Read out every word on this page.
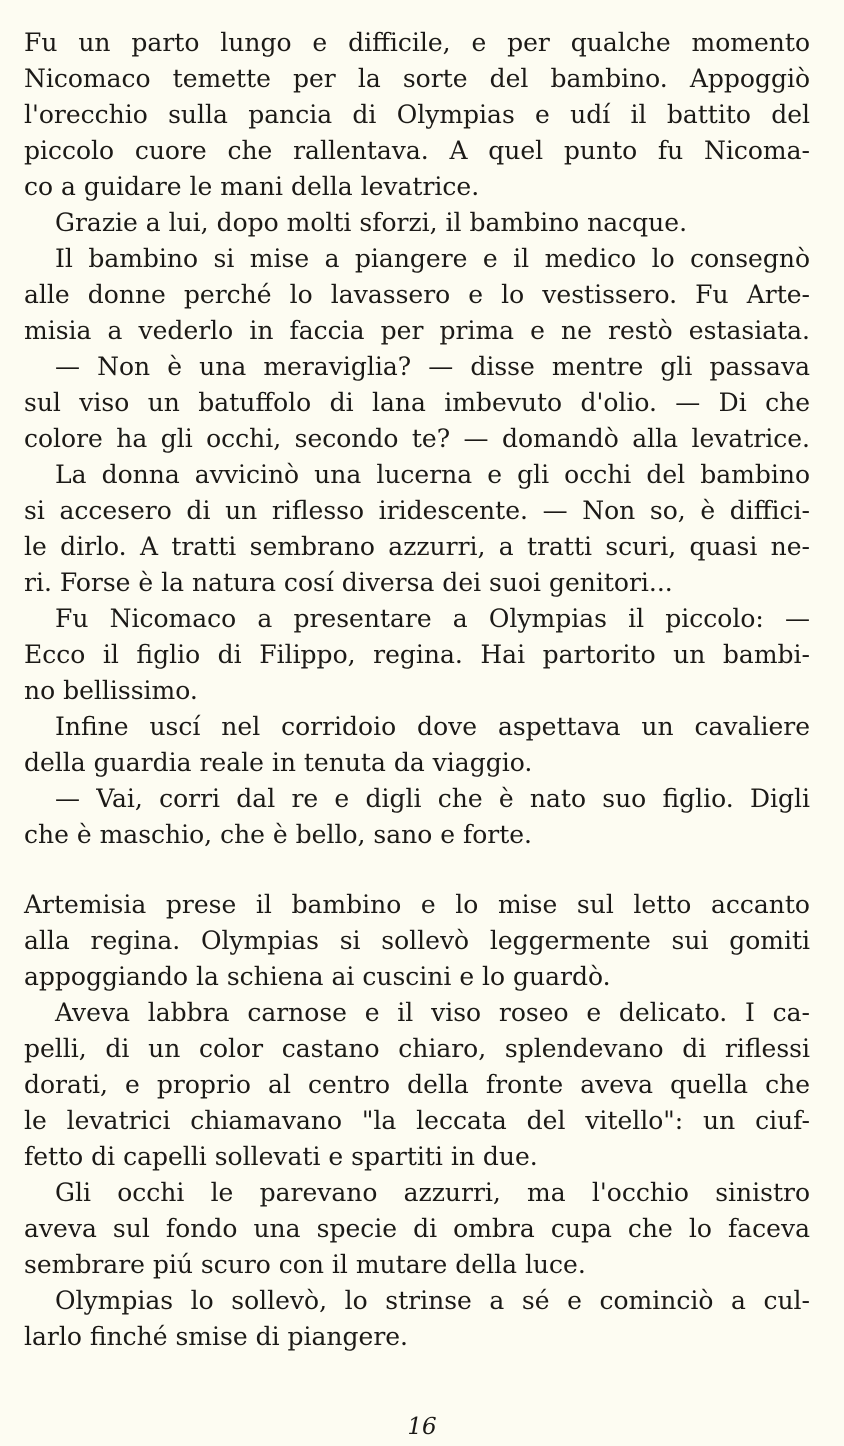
Fu un parto lungo e difficile, e per qualche momento
Nicomaco temette per la sorte del bambino. Appoggiò
l'orecchio sulla pancia di Olympias e udí il battito del
piccolo cuore che rallentava. A quel punto fu Nicoma-
co a guidare le mani della levatrice.
Grazie a lui, dopo molti sforzi, il bambino nacque.
Il bambino si mise a piangere e il medico lo consegnò
alle donne perché lo lavassero e lo vestissero. Fu Arte-
misia a vederlo in faccia per prima e ne restò estasiata.
— Non è una meraviglia? — disse mentre gli passava
sul viso un batuffolo di lana imbevuto d'olio. — Di che
colore ha gli occhi, secondo te? — domandò alla levatrice.
La donna avvicinò una lucerna e gli occhi del bambino
si accesero di un riflesso iridescente. — Non so, è diffici-
le dirlo. A tratti sembrano azzurri, a tratti scuri, quasi ne-
ri. Forse è la natura cosí diversa dei suoi genitori...
Fu Nicomaco a presentare a Olympias il piccolo: —
Ecco il figlio di Filippo, regina. Hai partorito un bambi-
no bellissimo.
Infine uscí nel corridoio dove aspettava un cavaliere
della guardia reale in tenuta da viaggio.
— Vai, corri dal re e digli che è nato suo figlio. Digli
che è maschio, che è bello, sano e forte.
Artemisia prese il bambino e lo mise sul letto accanto
alla regina. Olympias si sollevò leggermente sui gomiti
appoggiando la schiena ai cuscini e lo guardò.
Aveva labbra carnose e il viso roseo e delicato. I ca-
pelli, di un color castano chiaro, splendevano di riflessi
dorati, e proprio al centro della fronte aveva quella che
le levatrici chiamavano "la leccata del vitello": un ciuf-
fetto di capelli sollevati e spartiti in due.
Gli occhi le parevano azzurri, ma l'occhio sinistro
aveva sul fondo una specie di ombra cupa che lo faceva
sembrare piú scuro con il mutare della luce.
Olympias lo sollevò, lo strinse a sé e cominciò a cul-
larlo finché smise di piangere.
16
